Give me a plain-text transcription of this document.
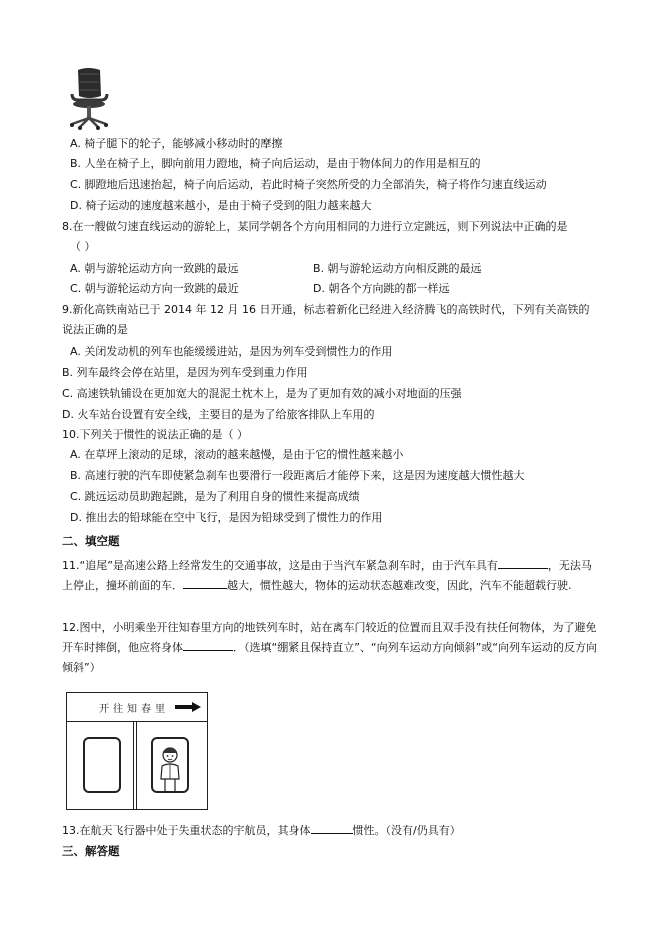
A. 椅子腿下的轮子，能够减小移动时的摩擦
B. 人坐在椅子上，脚向前用力蹬地，椅子向后运动，是由于物体间力的作用是相互的
C. 脚蹬地后迅速抬起，椅子向后运动，若此时椅子突然所受的力全部消失，椅子将作匀速直线运动
D. 椅子运动的速度越来越小，是由于椅子受到的阻力越来越大
8.在一艘做匀速直线运动的游轮上，某同学朝各个方向用相同的力进行立定跳远，则下列说法中正确的是
（ ）
A. 朝与游轮运动方向一致跳的最远	B. 朝与游轮运动方向相反跳的最远
C. 朝与游轮运动方向一致跳的最近	D. 朝各个方向跳的都一样远
9.新化高铁南站已于 2014 年 12 月 16 日开通，标志着新化已经进入经济腾飞的高铁时代，下列有关高铁的
说法正确的是
A. 关闭发动机的列车也能缓缓进站，是因为列车受到惯性力的作用
B. 列车最终会停在站里，是因为列车受到重力作用
C. 高速铁轨铺设在更加宽大的混泥土枕木上，是为了更加有效的减小对地面的压强
D. 火车站台设置有安全线，主要目的是为了给旅客排队上车用的
10.下列关于惯性的说法正确的是（ ）
A. 在草坪上滚动的足球，滚动的越来越慢，是由于它的惯性越来越小
B. 高速行驶的汽车即使紧急刹车也要滑行一段距离后才能停下来，这是因为速度越大惯性越大
C. 跳远运动员助跑起跳，是为了利用自身的惯性来提高成绩
D. 推出去的铅球能在空中飞行，是因为铅球受到了惯性力的作用
二、填空题
11.“追尾”是高速公路上经常发生的交通事故，这是由于当汽车紧急刹车时，由于汽车具有	，无法马上停止，撞坏前面的车．	越大，惯性越大，物体的运动状态越难改变，因此，汽车不能超载行驶.
12.图中，小明乘坐开往知春里方向的地铁列车时，站在离车门较近的位置而且双手没有扶任何物体，为了避免开车时摔倒，他应将身体	．（选填“绷紧且保持直立”、“向列车运动方向倾斜”或“向列车运动的反方向倾斜”）
开往知春里
13.在航天飞行器中处于失重状态的宇航员，其身体	惯性。（没有/仍具有）
三、解答题
